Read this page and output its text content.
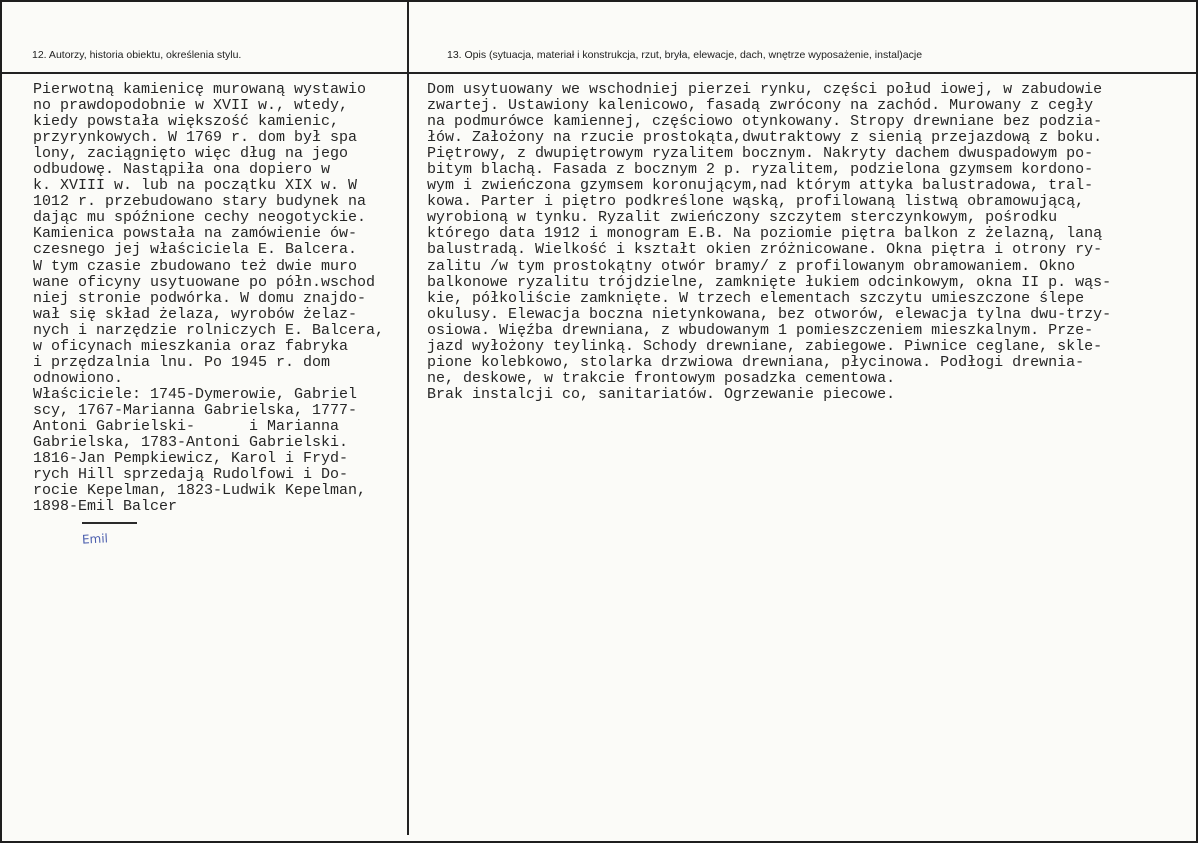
12. Autorzy, historia obiektu, określenia stylu.	13. Opis (sytuacja, materiał i konstrukcja, rzut, bryła, elewacje, dach, wnętrze wyposażenie, instal)acje
Pierwotną kamienicę murowaną wystawio
no prawdopodobnie w XVII w., wtedy,
kiedy powstała większość kamienic,
przyrynkowych. W 1769 r. dom był spa
lony, zaciągnięto więc dług na jego
odbudowę. Nastąpiła ona dopiero w
k. XVIII w. lub na początku XIX w. W
1012 r. przebudowano stary budynek na
dając mu spóźnione cechy neogotyckie.
Kamienica powstała na zamówienie ów-
czesnego jej właściciela E. Balcera.
W tym czasie zbudowano też dwie muro
wane oficyny usytuowane po półn.wschod
niej stronie podwórka. W domu znajdo-
wał się skład żelaza, wyrobów żelaz-
nych i narzędzie rolniczych E. Balcera,
w oficynach mieszkania oraz fabryka
i przędzalnia lnu. Po 1945 r. dom
odnowiono.
Właściciele: 1745-Dymerowie, Gabriel
scy, 1767-Marianna Gabrielska, 1777-
Antoni Gabrielski-      i Marianna
Gabrielska, 1783-Antoni Gabrielski.
1816-Jan Pempkiewicz, Karol i Fryd-
rych Hill sprzedają Rudolfowi i Do-
rocie Kepelman, 1823-Ludwik Kepelman,
1898-Emil Balcer
Dom usytuowany we wschodniej pierzei rynku, części połud iowej, w zabudowie
zwartej. Ustawiony kalenicowo, fasadą zwrócony na zachód. Murowany z cegły
na podmurówce kamiennej, częściowo otynkowany. Stropy drewniane bez podzia-
łów. Założony na rzucie prostokąta,dwutraktowy z sienią przejazdową z boku.
Piętrowy, z dwupiętrowym ryzalitem bocznym. Nakryty dachem dwuspadowym po-
bitym blachą. Fasada z bocznym 2 p. ryzalitem, podzielona gzymsem kordono-
wym i zwieńczona gzymsem koronującym,nad którym attyka balustradowa, tral-
kowa. Parter i piętro podkreślone wąską, profilowaną listwą obramowującą,
wyrobioną w tynku. Ryzalit zwieńczony szczytem sterczynkowym, pośrodku
którego data 1912 i monogram E.B. Na poziomie piętra balkon z żelazną, laną
balustradą. Wielkość i kształt okien zróżnicowane. Okna piętra i otrony ry-
zalitu /w tym prostokątny otwór bramy/ z profilowanym obramowaniem. Okno
balkonowe ryzalitu trójdzielne, zamknięte łukiem odcinkowym, okna II p. wąs-
kie, półkoliście zamknięte. W trzech elementach szczytu umieszczone ślepe
okulusy. Elewacja boczna nietynkowana, bez otworów, elewacja tylna dwu-trzy-
osiowa. Więźba drewniana, z wbudowanym 1 pomieszczeniem mieszkalnym. Prze-
jazd wyłożony teylinką. Schody drewniane, zabiegowe. Piwnice ceglane, skle-
pione kolebkowo, stolarka drzwiowa drewniana, płycinowa. Podłogi drewnia-
ne, deskowe, w trakcie frontowym posadzka cementowa.
Brak instalcji co, sanitariatów. Ogrzewanie piecowe.
Emil
